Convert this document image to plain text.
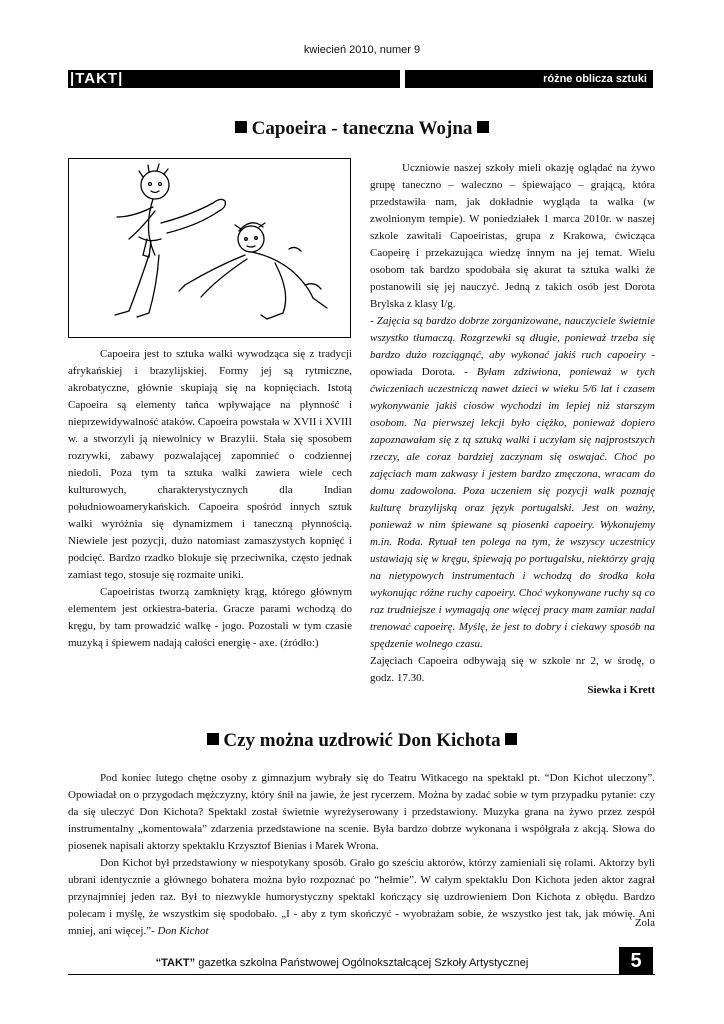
kwiecień 2010, numer 9
|TAKT|	różne oblicza sztuki
Capoeira - taneczna Wojna

Capoeira jest to sztuka walki wywodząca się z tradycji afrykańskiej i brazylijskiej. Formy jej są rytmiczne, akrobatyczne, głównie skupiają się na kopnięciach. Istotą Capoeira są elementy tańca wpływające na płynność i nieprzewidywalność ataków. Capoeira powstała w XVII i XVIII w. a stworzyli ją niewolnicy w Brazylii. Stała się sposobem rozrywki, zabawy pozwalającej zapomnieć o codziennej niedoli. Poza tym ta sztuka walki zawiera wiele cech kulturowych, charakterystycznych dla Indian południowoamerykańskich. Capoeira spośród innych sztuk walki wyróżnia się dynamizmem i taneczną płynnością. Niewiele jest pozycji, dużo natomiast zamaszystych kopnięć i podcięć. Bardzo rzadko blokuje się przeciwnika, często jednak zamiast tego, stosuje się rozmaite uniki.

Capoeiristas tworzą zamknięty krąg, którego głównym elementem jest orkiestra-bateria. Gracze parami wchodzą do kręgu, by tam prowadzić walkę - jogo. Pozostali w tym czasie muzyką i śpiewem nadają całości energię - axe. (źródło:)

Uczniowie naszej szkoły mieli okazję oglądać na żywo grupę taneczno – waleczno – śpiewająco – grającą, która przedstawiła nam, jak dokładnie wygląda ta walka (w zwolnionym tempie). W poniedziałek 1 marca 2010r. w naszej szkole zawitali Capoeiristas, grupa z Krakowa, ćwicząca Caopeirę i przekazująca wiedzę innym na jej temat. Wielu osobom tak bardzo spodobała się akurat ta sztuka walki że postanowili się jej nauczyć. Jedną z takich osób jest Dorota Brylska z klasy I/g.

- Zajęcia są bardzo dobrze zorganizowane, nauczyciele świetnie wszystko tłumaczą. Rozgrzewki są długie, ponieważ trzeba się bardzo dużo rozciągnąć, aby wykonać jakiś ruch capoeiry - opowiada Dorota. - Byłam zdziwiona, ponieważ w tych ćwiczeniach uczestniczą nawet dzieci w wieku 5/6 lat i czasem wykonywanie jakiś ciosów wychodzi im lepiej niż starszym osobom. Na pierwszej lekcji było ciężko, ponieważ dopiero zapoznawałam się z tą sztuką walki i uczyłam się najprostszych rzeczy, ale coraz bardziej zaczynam się oswajać. Choć po zajęciach mam zakwasy i jestem bardzo zmęczona, wracam do domu zadowolona. Poza uczeniem się pozycji walk poznaję kulturę brazylijską oraz język portugalski. Jest on ważny, ponieważ w nim śpiewane są piosenki capoeiry. Wykonujemy m.in. Roda. Rytuał ten polega na tym, że wszyscy uczestnicy ustawiają się w kręgu, śpiewają po portugalsku, niektórzy grają na nietypowych instrumentach i wchodzą do środka koła wykonując różne ruchy capoeiry. Choć wykonywane ruchy są co raz trudniejsze i wymagają one więcej pracy mam zamiar nadal trenować capoeirę. Myślę, że jest to dobry i ciekawy sposób na spędzenie wolnego czasu.

Zajęciach Capoeira odbywają się w szkole nr 2, w środę, o godz. 17.30.

Siewka i Krett
Czy można uzdrowić Don Kichota

Pod koniec lutego chętne osoby z gimnazjum wybrały się do Teatru Witkacego na spektakl pt. “Don Kichot uleczony”. Opowiadał on o przygodach mężczyzny, który śnił na jawie, że jest rycerzem. Można by zadać sobie w tym przypadku pytanie: czy da się uleczyć Don Kichota? Spektakl został świetnie wyreżyserowany i przedstawiony. Muzyka grana na żywo przez zespół instrumentalny „komentowała” zdarzenia przedstawione na scenie. Była bardzo dobrze wykonana i współgrała z akcją. Słowa do piosenek napisali aktorzy spektaklu Krzysztof Bienias i Marek Wrona.

Don Kichot był przedstawiony w niespotykany sposób. Grało go sześciu aktorów, którzy zamieniali się rolami. Aktorzy byli ubrani identycznie a głównego bohatera można było rozpoznać po “hełmie”. W całym spektaklu Don Kichota jeden aktor zagrał przynajmniej jeden raz. Był to niezwykle humorystyczny spektakl kończący się uzdrowieniem Don Kichota z obłędu. Bardzo polecam i myślę, że wszystkim się spodobało. „I - aby z tym skończyć - wyobrażam sobie, że wszystko jest tak, jak mówię. Ani mniej, ani więcej.”- Don Kichot

Zola
“TAKT” gazetka szkolna Państwowej Ogólnokształcącej Szkoły Artystycznej	5
